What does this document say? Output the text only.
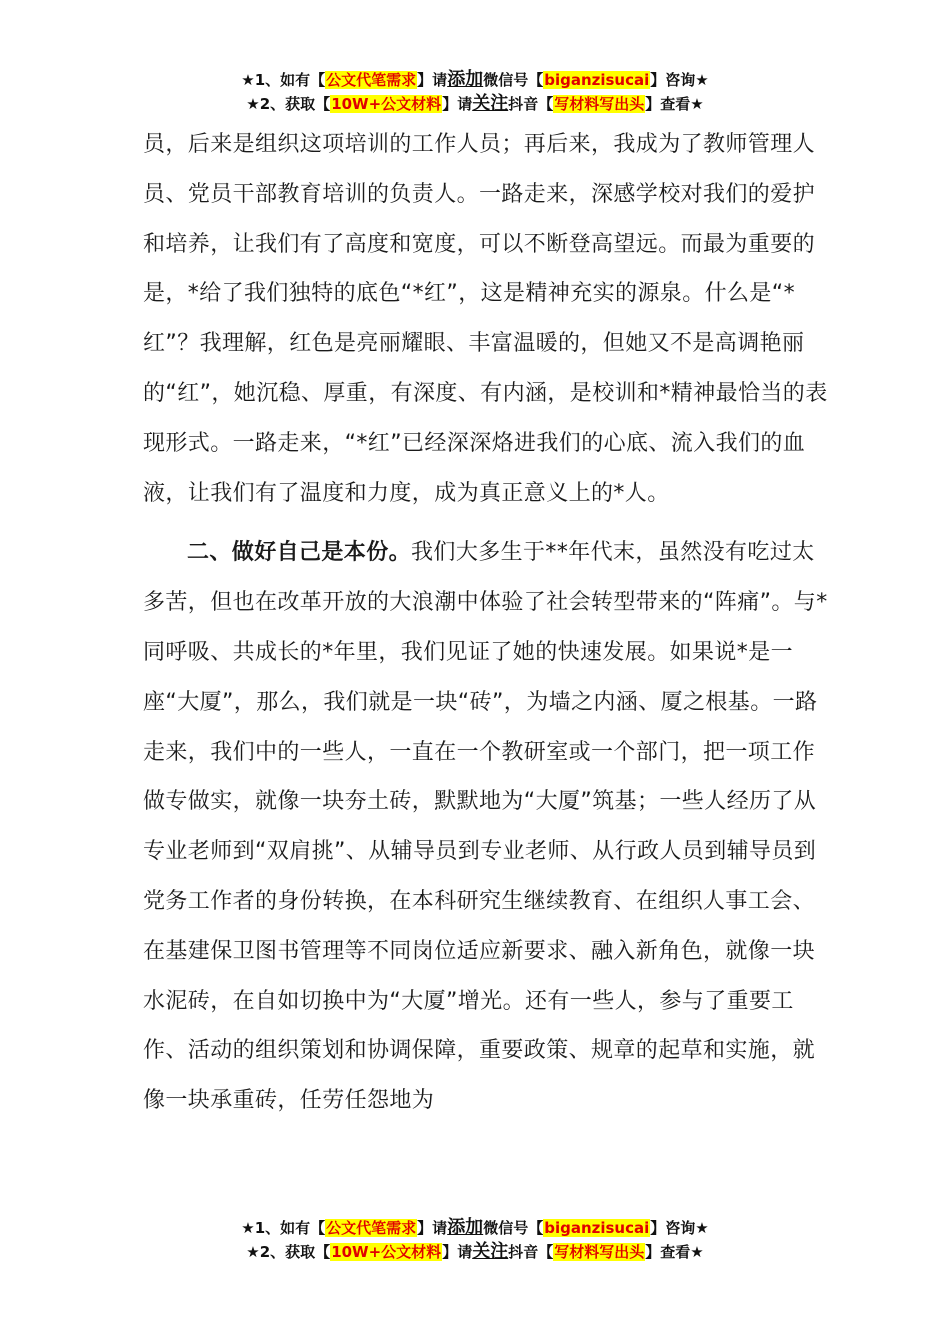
★1、如有【公文代笔需求】请添加微信号【biganzisucai】咨询★
★2、获取【10W+公文材料】请关注抖音【写材料写出头】查看★

员，后来是组织这项培训的工作人员；再后来，我成为了教师管理人员、党员干部教育培训的负责人。一路走来，深感学校对我们的爱护和培养，让我们有了高度和宽度，可以不断登高望远。而最为重要的是，*给了我们独特的底色“*红”，这是精神充实的源泉。什么是“*红”？我理解，红色是亮丽耀眼、丰富温暖的，但她又不是高调艳丽的“红”，她沉稳、厚重，有深度、有内涵，是校训和*精神最恰当的表现形式。一路走来，“*红”已经深深烙进我们的心底、流入我们的血液，让我们有了温度和力度，成为真正意义上的*人。

二、做好自己是本份。我们大多生于**年代末，虽然没有吃过太多苦，但也在改革开放的大浪潮中体验了社会转型带来的“阵痛”。与*同呼吸、共成长的*年里，我们见证了她的快速发展。如果说*是一座“大厦”，那么，我们就是一块“砖”，为墙之内涵、厦之根基。一路走来，我们中的一些人，一直在一个教研室或一个部门，把一项工作做专做实，就像一块夯土砖，默默地为“大厦”筑基；一些人经历了从专业老师到“双肩挑”、从辅导员到专业老师、从行政人员到辅导员到党务工作者的身份转换，在本科研究生继续教育、在组织人事工会、在基建保卫图书管理等不同岗位适应新要求、融入新角色，就像一块水泥砖，在自如切换中为“大厦”增光。还有一些人，参与了重要工作、活动的组织策划和协调保障，重要政策、规章的起草和实施，就像一块承重砖，任劳任怨地为

★1、如有【公文代笔需求】请添加微信号【biganzisucai】咨询★
★2、获取【10W+公文材料】请关注抖音【写材料写出头】查看★
